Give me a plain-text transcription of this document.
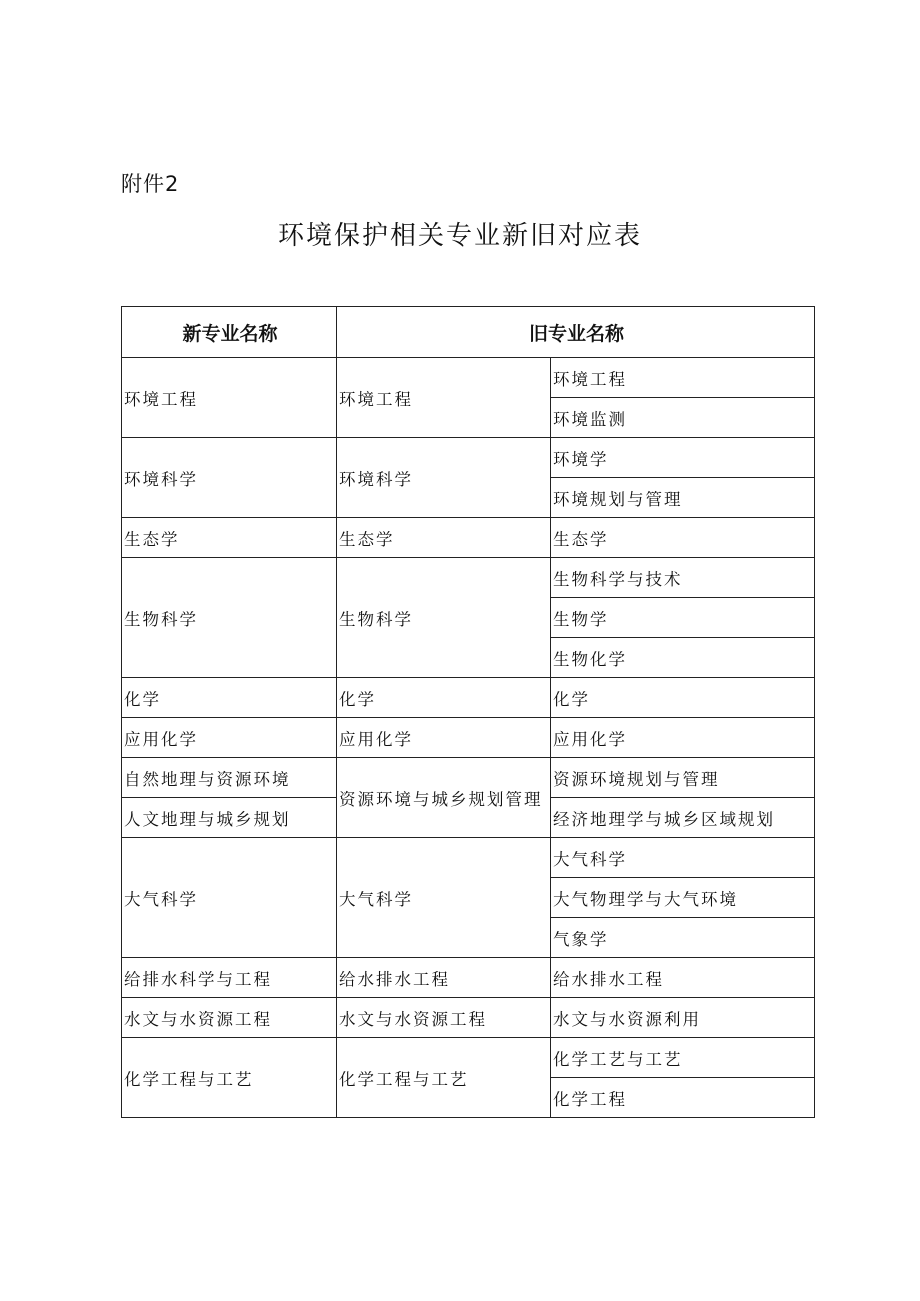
附件2
环境保护相关专业新旧对应表
新专业名称	旧专业名称	
环境工程	环境工程	环境工程
		环境监测
环境科学	环境科学	环境学
		环境规划与管理
生态学	生态学	生态学
生物科学	生物科学	生物科学与技术
		生物学
		生物化学
化学	化学	化学
应用化学	应用化学	应用化学
自然地理与资源环境	资源环境与城乡规划管理	资源环境规划与管理
人文地理与城乡规划		经济地理学与城乡区域规划
大气科学	大气科学	大气科学
		大气物理学与大气环境
		气象学
给排水科学与工程	给水排水工程	给水排水工程
水文与水资源工程	水文与水资源工程	水文与水资源利用
化学工程与工艺	化学工程与工艺	化学工艺与工艺
		化学工程
